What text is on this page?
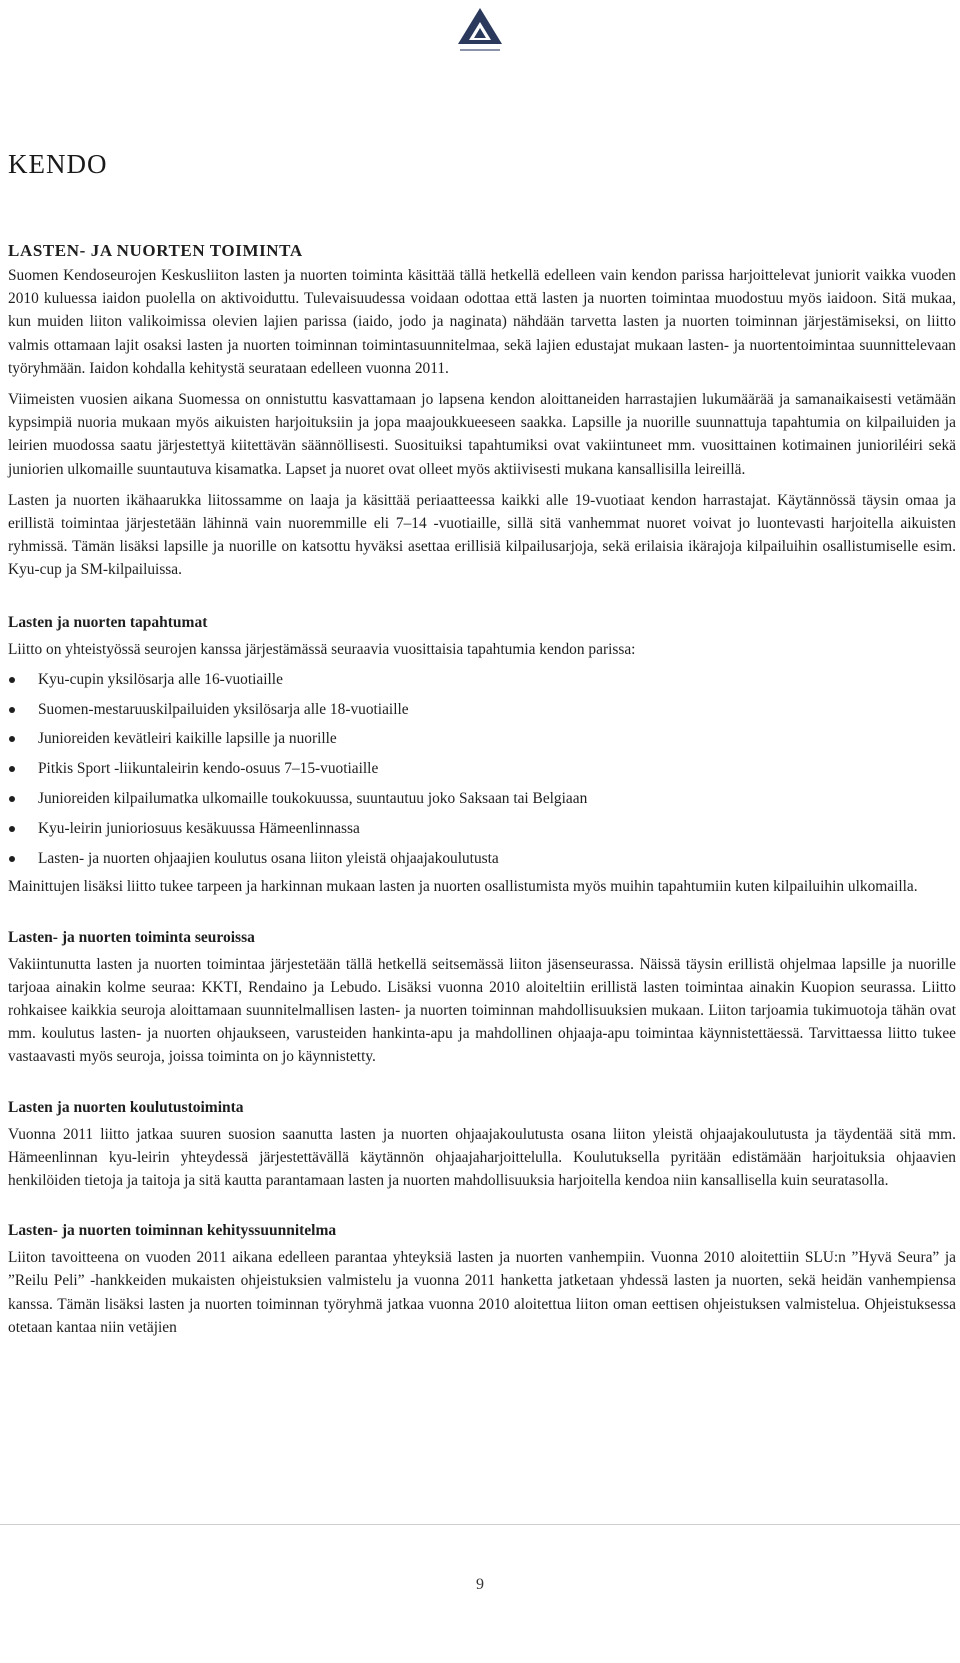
KENDO
LASTEN- JA NUORTEN TOIMINTA

Suomen Kendoseurojen Keskusliiton lasten ja nuorten toiminta käsittää tällä hetkellä edelleen vain kendon parissa harjoittelevat juniorit vaikka vuoden 2010 kuluessa iaidon puolella on aktivoiduttu. Tulevaisuudessa voidaan odottaa että lasten ja nuorten toimintaa muodostuu myös iaidoon. Sitä mukaa, kun muiden liiton valikoimissa olevien lajien parissa (iaido, jodo ja naginata) nähdään tarvetta lasten ja nuorten toiminnan järjestämiseksi, on liitto valmis ottamaan lajit osaksi lasten ja nuorten toiminnan toimintasuunnitelmaa, sekä lajien edustajat mukaan lasten- ja nuortentoimintaa suunnittelevaan työryhmään. Iaidon kohdalla kehitystä seurataan edelleen vuonna 2011.

Viimeisten vuosien aikana Suomessa on onnistuttu kasvattamaan jo lapsena kendon aloittaneiden harrastajien lukumäärää ja samanaikaisesti vetämään kypsimpiä nuoria mukaan myös aikuisten harjoituksiin ja jopa maajoukkueeseen saakka. Lapsille ja nuorille suunnattuja tapahtumia on kilpailuiden ja leirien muodossa saatu järjestettyä kiitettävän säännöllisesti. Suosituiksi tapahtumiksi ovat vakiintuneet mm. vuosittainen kotimainen junioriléiri sekä juniorien ulkomaille suuntautuva kisamatka. Lapset ja nuoret ovat olleet myös aktiivisesti mukana kansallisilla leireillä.

Lasten ja nuorten ikähaarukka liitossamme on laaja ja käsittää periaatteessa kaikki alle 19-vuotiaat kendon harrastajat. Käytännössä täysin omaa ja erillistä toimintaa järjestetään lähinnä vain nuoremmille eli 7–14 -vuotiaille, sillä sitä vanhemmat nuoret voivat jo luontevasti harjoitella aikuisten ryhmissä. Tämän lisäksi lapsille ja nuorille on katsottu hyväksi asettaa erillisiä kilpailusarjoja, sekä erilaisia ikärajoja kilpailuihin osallistumiselle esim. Kyu-cup ja SM-kilpailuissa.

Lasten ja nuorten tapahtumat

Liitto on yhteistyössä seurojen kanssa järjestämässä seuraavia vuosittaisia tapahtumia kendon parissa:

Kyu-cupin yksilösarja alle 16-vuotiaille
Suomen-mestaruuskilpailuiden yksilösarja alle 18-vuotiaille
Junioreiden kevätleiri kaikille lapsille ja nuorille
Pitkis Sport -liikuntaleirin kendo-osuus 7–15-vuotiaille
Junioreiden kilpailumatka ulkomaille toukokuussa, suuntautuu joko Saksaan tai Belgiaan
Kyu-leirin junioriosuus kesäkuussa Hämeenlinnassa
Lasten- ja nuorten ohjaajien koulutus osana liiton yleistä ohjaajakoulutusta

Mainittujen lisäksi liitto tukee tarpeen ja harkinnan mukaan lasten ja nuorten osallistumista myös muihin tapahtumiin kuten kilpailuihin ulkomailla.

Lasten- ja nuorten toiminta seuroissa

Vakiintunutta lasten ja nuorten toimintaa järjestetään tällä hetkellä seitsemässä liiton jäsenseurassa. Näissä täysin erillistä ohjelmaa lapsille ja nuorille tarjoaa ainakin kolme seuraa: KKTI, Rendaino ja Lebudo. Lisäksi vuonna 2010 aloiteltiin erillistä lasten toimintaa ainakin Kuopion seurassa. Liitto rohkaisee kaikkia seuroja aloittamaan suunnitelmallisen lasten- ja nuorten toiminnan mahdollisuuksien mukaan. Liiton tarjoamia tukimuotoja tähän ovat mm. koulutus lasten- ja nuorten ohjaukseen, varusteiden hankinta-apu ja mahdollinen ohjaaja-apu toimintaa käynnistettäessä. Tarvittaessa liitto tukee vastaavasti myös seuroja, joissa toiminta on jo käynnistetty.

Lasten ja nuorten koulutustoiminta

Vuonna 2011 liitto jatkaa suuren suosion saanutta lasten ja nuorten ohjaajakoulutusta osana liiton yleistä ohjaajakoulutusta ja täydentää sitä mm. Hämeenlinnan kyu-leirin yhteydessä järjestettävällä käytännön ohjaajaharjoittelulla. Koulutuksella pyritään edistämään harjoituksia ohjaavien henkilöiden tietoja ja taitoja ja sitä kautta parantamaan lasten ja nuorten mahdollisuuksia harjoitella kendoa niin kansallisella kuin seuratasolla.

Lasten- ja nuorten toiminnan kehityssuunnitelma

Liiton tavoitteena on vuoden 2011 aikana edelleen parantaa yhteyksiä lasten ja nuorten vanhempiin. Vuonna 2010 aloitettiin SLU:n ”Hyvä Seura” ja ”Reilu Peli” -hankkeiden mukaisten ohjeistuksien valmistelu ja vuonna 2011 hanketta jatketaan yhdessä lasten ja nuorten, sekä heidän vanhempiensa kanssa. Tämän lisäksi lasten ja nuorten toiminnan työryhmä jatkaa vuonna 2010 aloitettua liiton oman eettisen ohjeistuksen valmistelua. Ohjeistuksessa otetaan kantaa niin vetäjien

9
